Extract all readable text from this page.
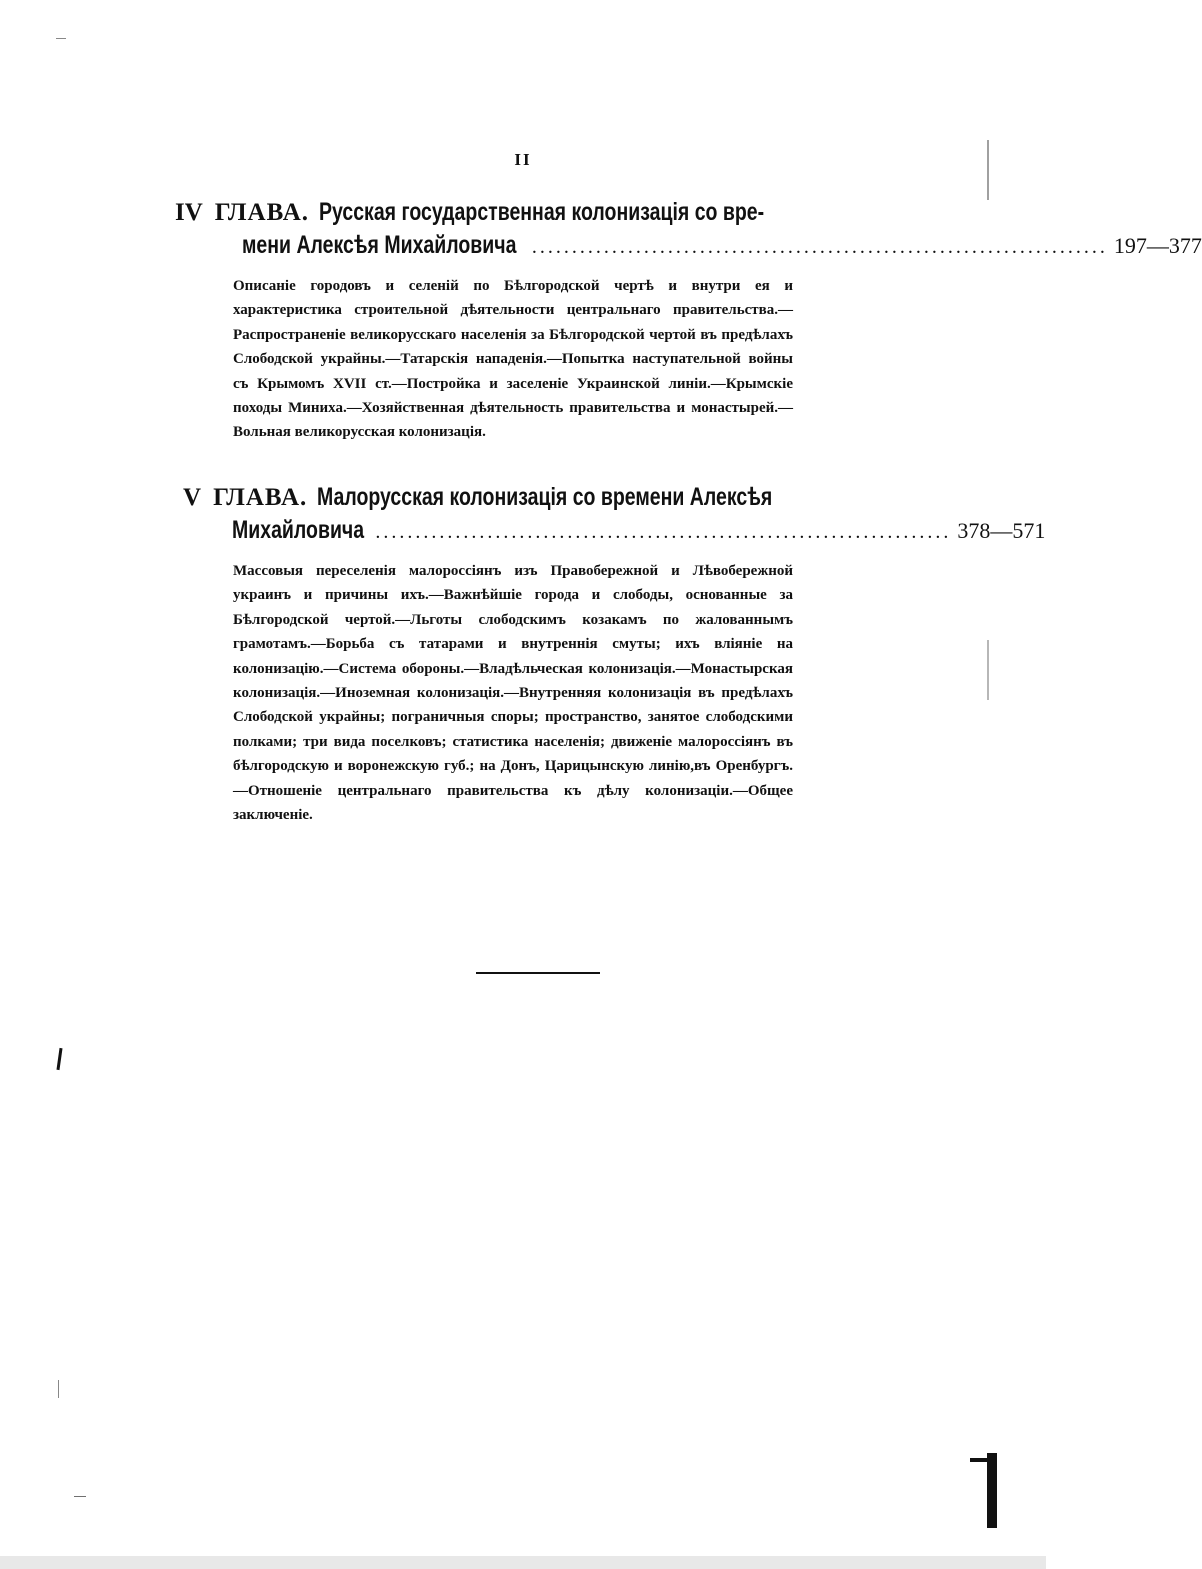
II
IV ГЛАВА. Русская государственная колонизація со вре-
мени Алексѣя Михайловича ........................................................................ 197—377
Описаніе городовъ и селеній по Бѣлгородской чертѣ и внутри ея и характеристика строительной дѣятельности центральнаго правительства.—Распространеніе великорусскаго населенія за Бѣлгородской чертой въ предѣлахъ Слободской украйны.—Татарскія нападенія.—Попытка наступательной войны съ Крымомъ XVII ст.—Постройка и заселеніе Украинской линіи.—Крымскіе походы Миниха.—Хозяйственная дѣятельность правительства и монастырей.—Вольная великорусская колонизація.
V ГЛАВА. Малорусская колонизація со времени Алексѣя
Михайловича ........................................................................ 378—571
Массовыя переселенія малороссіянъ изъ Правобережной и Лѣвобережной украинъ и причины ихъ.—Важнѣйшіе города и слободы, основанные за Бѣлгородской чертой.—Льготы слободскимъ козакамъ по жалованнымъ грамотамъ.—Борьба съ татарами и внутреннія смуты; ихъ вліяніе на колонизацію.—Система обороны.—Владѣльческая колонизація.—Монастырская колонизація.—Иноземная колонизація.—Внутренняя колонизація въ предѣлахъ Слободской украйны; пограничныя споры; пространство, занятое слободскими полками; три вида поселковъ; статистика населенія; движеніе малороссіянъ въ бѣлгородскую и воронежскую губ.; на Донъ, Царицынскую линію,въ Оренбургъ.—Отношеніе центральнаго правительства къ дѣлу колонизаціи.—Общее заключеніе.
